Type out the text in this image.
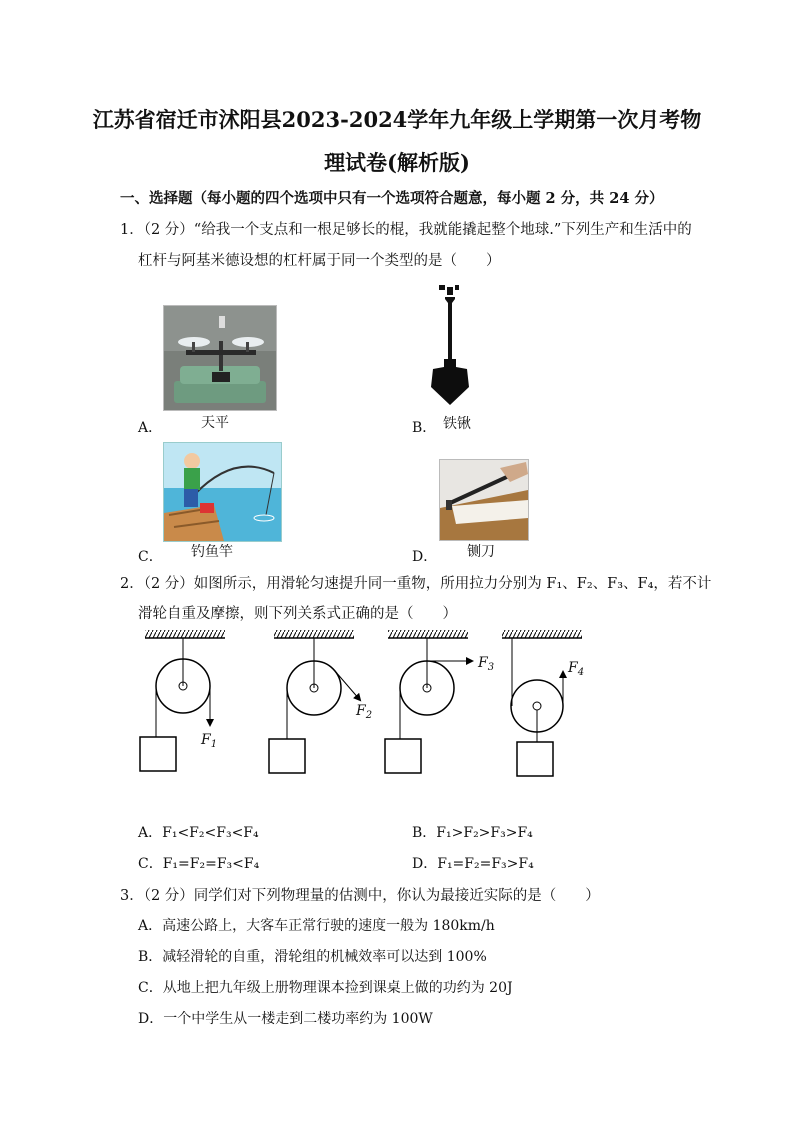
江苏省宿迁市沭阳县2023-2024学年九年级上学期第一次月考物
理试卷(解析版)
一、选择题（每小题的四个选项中只有一个选项符合题意，每小题 2 分，共 24 分）
1．（2 分）“给我一个支点和一根足够长的棍，我就能撬起整个地球.”下列生产和生活中的
杠杆与阿基米德设想的杠杆属于同一个类型的是（　　）
A．	天平	B． 铁锹
C． 钓鱼竿	D． 铡刀
2．（2 分）如图所示，用滑轮匀速提升同一重物，所用拉力分别为 F₁、F₂、F₃、F₄，若不计
滑轮自重及摩擦，则下列关系式正确的是（　　）
$F_1$
$F_2$
$F_3$	$F_4$
A．F₁<F₂<F₃<F₄	B．F₁>F₂>F₃>F₄
C．F₁=F₂=F₃<F₄	D．F₁=F₂=F₃>F₄
3．（2 分）同学们对下列物理量的估测中，你认为最接近实际的是（　　）
A．高速公路上，大客车正常行驶的速度一般为 180km/h
B．减轻滑轮的自重，滑轮组的机械效率可以达到 100%
C．从地上把九年级上册物理课本捡到课桌上做的功约为 20J
D．一个中学生从一楼走到二楼功率约为 100W
